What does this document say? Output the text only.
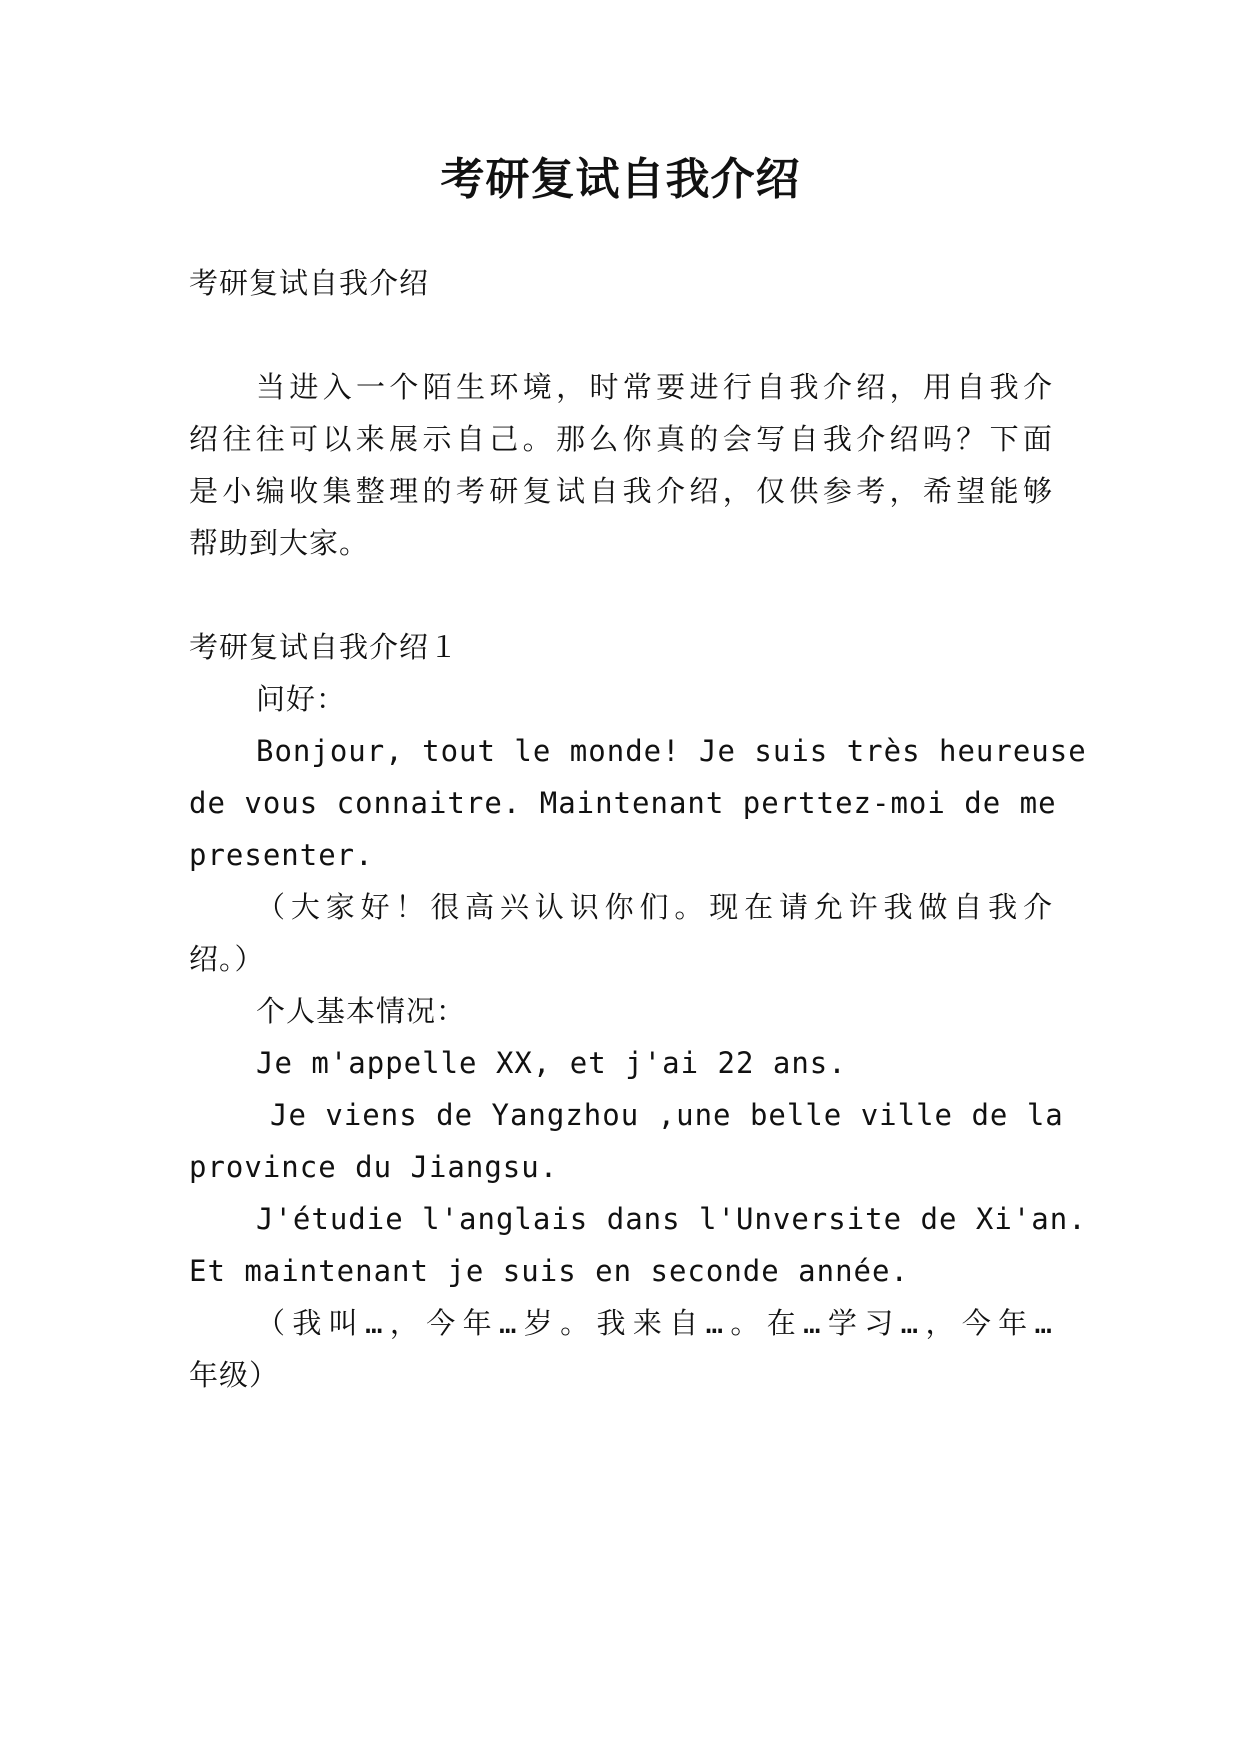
考研复试自我介绍

考研复试自我介绍

当进入一个陌生环境，时常要进行自我介绍，用自我介

绍往往可以来展示自己。那么你真的会写自我介绍吗？下面

是小编收集整理的考研复试自我介绍，仅供参考，希望能够

帮助到大家。

考研复试自我介绍１

问好：

Bonjour, tout le monde! Je suis très heureuse

de vous connaitre. Maintenant perttez-moi de me

presenter.

（大家好！很高兴认识你们。现在请允许我做自我介

绍。）

个人基本情况：

Je m'appelle XX, et j'ai 22 ans.

Je viens de Yangzhou ,une belle ville de la

province du Jiangsu.

J'étudie l'anglais dans l'Unversite de Xi'an.

Et maintenant je suis en seconde année.

（我叫…，今年…岁。我来自…。在…学习…，今年…

年级）
